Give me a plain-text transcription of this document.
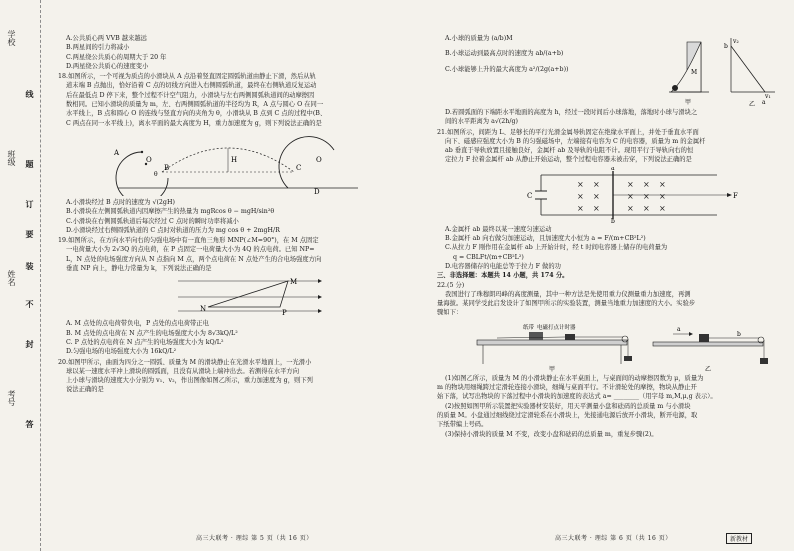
学校
班级
姓名
考号
线
订
装
封
答
题
不
要
A.公共质心两 VVB 越来越远
B.两星间的引力将减小
C.两星绕公共质心的周期大于 20 年
D.两星绕公共质心的速度变小
18.如图所示，一个可视为质点的小滑块从 A 点沿着竖直固定圆弧轨道由静止下滑，然后从轨
道末端 B 点抛出，恰好沿着 C 点的切线方向进入右侧圆弧轨道，最终在右侧轨道反复运动
后在最低点 D 停下来，整个过程不计空气阻力，小滑块与左右两侧圆弧轨道间的动摩擦因
数相同。已知小滑块的质量为 m，左、右两侧圆弧轨道的半径均为 R，A 点与圆心 O 在同一
水平线上，B 点和圆心 O 的连线与竖直方向的夹角为 θ，小滑块从 B 点到 C 点的过程中(B、
C 两点在同一水平线上)，离水平面的最大高度为 H，重力加速度为 g，则下列说法正确的是
A
O
B
θ
H
C
O
D
A.小滑块经过 B 点时的速度为 √(2gH)
B.小滑块在左侧圆弧轨道内因摩擦产生的热量为 mgRcos θ − mgH/sin²θ
C.小滑块在右侧圆弧轨道后每次经过 C 点时的瞬时功率将减小
D.小滑块经过右侧圆弧轨道的 C 点时对轨道的压力为 mg cos θ + 2mgH/R
19.如图所示，在方向水平向右的匀强电场中有一直角三角形 MNP(∠M=90°)，在 M 点固定
一电荷量大小为 2√3Q 的点电荷，在 P 点固定一电荷量大小为 4Q 的点电荷。已知 NP=
L，N 点处的电场强度方向从 N 点指向 M 点，两个点电荷在 N 点处产生的合电场强度方向
垂直 NP 向上，静电力常量为 k，下列说法正确的是
N
M
P
A. M 点处的点电荷带负电，P 点处的点电荷带正电
B. M 点处的点电荷在 N 点产生的电场强度大小为 8√3kQ/L²
C. P 点处的点电荷在 N 点产生的电场强度大小为 kQ/L²
D.匀强电场的电场强度大小为 16kQ/L²
20.如图甲所示，曲面为四分之一圆弧、质量为 M 的滑块静止在光滑水平地面上，一光滑小
球以某一速度水平冲上滑块的圆弧面，且没有从滑块上端冲出去。若测得在水平方向
上小球与滑块的速度大小分别为 v₁、v₂，作出图像如图乙所示，重力加速度为 g，则下列
说法正确的是
高三大联考 · 理综 第 5 页（共 16 页）
A.小球的质量为 (a/b)M
B.小球运动到最高点时的速度为 ab/(a+b)
C.小球能够上升的最大高度为 a²/(2g(a+b))	M
甲
v₂
v₁
b
a
乙
D.若圆弧面的下端距水平地面的高度为 h，经过一段时间后小球落地，落地时小球与滑块之
间的水平距离为 a√(2h/g)
21.如图所示，间距为 L、足够长的平行光滑金属导轨固定在绝缘水平面上，并处于垂直水平面
向下、磁感应强度大小为 B 的匀强磁场中，左端接有电容为 C 的电容器，质量为 m 的金属杆
ab 垂直于导轨放置且接触良好，金属杆 ab 及导轨的电阻不计。现用平行于导轨向右的恒
定拉力 F 拉着金属杆 ab 从静止开始运动，整个过程电容器未被击穿，下列说法正确的是
× ×	× × ×
× ×	× × ×
× ×	× × ×
C
a
b
F
A.金属杆 ab 最终以某一速度匀速运动
B.金属杆 ab 向右做匀加速运动，且加速度大小恒为 a = F/(m+CB²L²)
C.从拉力 F 刚作用在金属杆 ab 上开始计时，经 t 时间电容器上储存的电荷量为
q = CBLFt/(m+CB²L²)
D.电容器储存的电能总等于拉力 F 做的功
三、非选择题：本题共 14 小题，共 174 分。
22.(5 分)
我国进行了珠穆朗玛峰的高度测量，其中一种方法是先使用重力仪测量重力加速度，再测
量海拔。某同学受此启发设计了如图甲所示的实验装置，测量当地重力加速度的大小。实验步
骤如下：
纸带 电磁打点计时器
甲
a
b
乙
(1)如图乙所示，质量为 M 的小滑块静止在水平桌面上，与桌面间的动摩擦因数为 μ，质量为
m 的物块用细绳跨过定滑轮连接小滑块，细绳与桌面平行。不计滑轮处的摩擦，物块从静止开
始下落，试写出物块的下落过程中小滑块的加速度的表达式 a= ________（用字母 m,M,μ,g 表示）。
(2)按照如图甲所示装置把实验器材安装好，用天平测量小盘和砝码的总质量 m 与小滑块
的质量 M。小盘通过细线绕过定滑轮系在小滑块上，先接通电源后放开小滑块，断开电源，取
下纸带编上号码。
(3)保持小滑块的质量 M 不变，改变小盘和砝码的总质量 m，重复步骤(2)。
高三大联考 · 理综 第 6 页（共 16 页）	新教材
